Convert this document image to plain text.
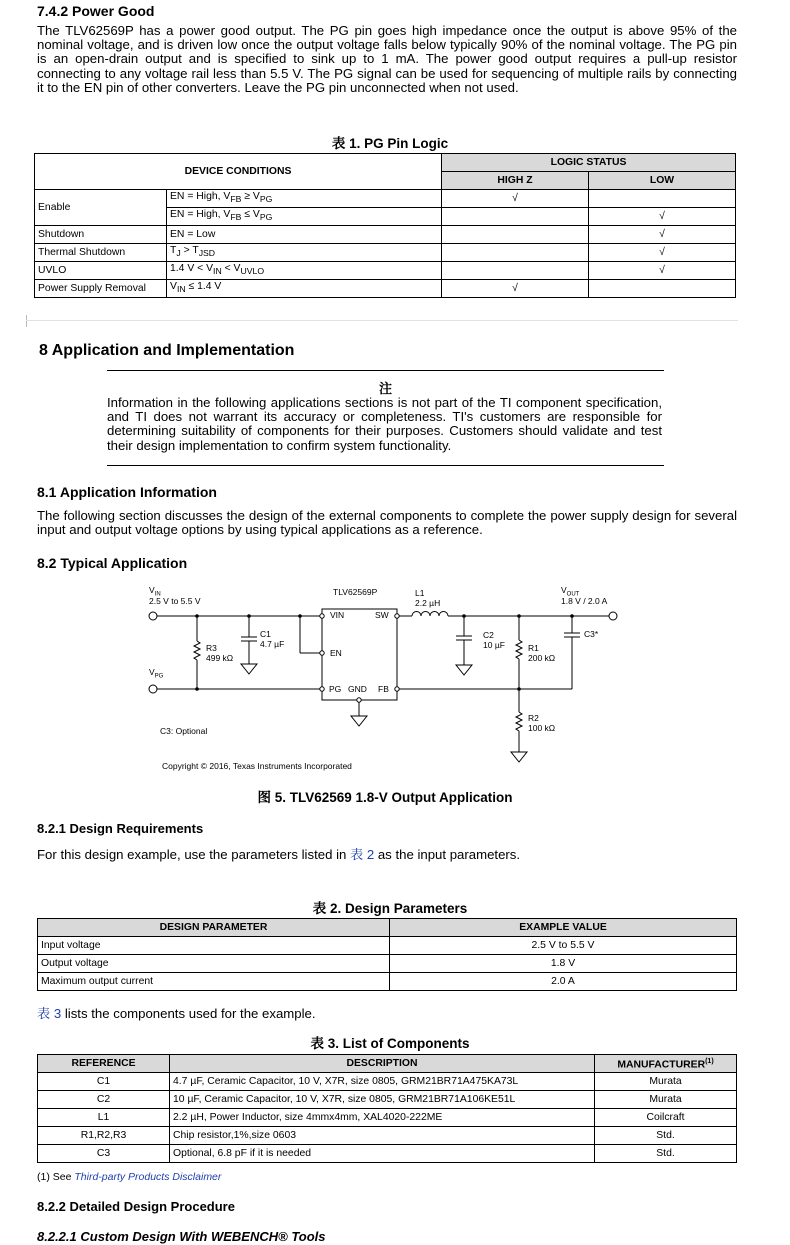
7.4.2 Power Good
The TLV62569P has a power good output. The PG pin goes high impedance once the output is above 95% of the nominal voltage, and is driven low once the output voltage falls below typically 90% of the nominal voltage. The PG pin is an open-drain output and is specified to sink up to 1 mA. The power good output requires a pull-up resistor connecting to any voltage rail less than 5.5 V. The PG signal can be used for sequencing of multiple rails by connecting it to the EN pin of other converters. Leave the PG pin unconnected when not used.
表 1. PG Pin Logic
DEVICE CONDITIONS		LOGIC STATUS	
		HIGH Z	LOW
Enable	EN = High, $V_{FB} \ge V_{PG}$	√	
	EN = High, $V_{FB} \le V_{PG}$		√
Shutdown	EN = Low		√
Thermal Shutdown	$T_J > T_{JSD}$		√
UVLO	1.4 $V < V_{IN} < V_{UVLO}$		√
Power Supply Removal	$V_{IN} \le 1.4$ V	√	
8 Application and Implementation
注
Information in the following applications sections is not part of the TI component specification, and TI does not warrant its accuracy or completeness. TI's customers are responsible for determining suitability of components for their purposes. Customers should validate and test their design implementation to confirm system functionality.
8.1 Application Information
The following section discusses the design of the external components to complete the power supply design for several input and output voltage options by using typical applications as a reference.
8.2 Typical Application
$V_{IN}$
2.5 V to 5.5 V
TLV62569P	L1
2.2 µH
$V_{OUT}$
1.8 V / 2.0 A
VIN	SW
EN
PG GND FB
C1
4.7 µF
R3
499 kΩ
C2
10 µF	R1
200 kΩ
C3*
R2
100 kΩ
$V_{PG}$
C3: Optional
Copyright © 2016, Texas Instruments Incorporated
图 5. TLV62569 1.8-V Output Application
8.2.1 Design Requirements
For this design example, use the parameters listed in 表 2 as the input parameters.
表 2. Design Parameters
DESIGN PARAMETER	EXAMPLE VALUE
Input voltage	2.5 V to 5.5 V
Output voltage	1.8 V
Maximum output current	2.0 A
表 3 lists the components used for the example.
表 3. List of Components
REFERENCE	DESCRIPTION	MANUFACTURER$^{(1)}$
C1	4.7 µF, Ceramic Capacitor, 10 V, X7R, size 0805, GRM21BR71A475KA73L	Murata
C2	10 µF, Ceramic Capacitor, 10 V, X7R, size 0805, GRM21BR71A106KE51L	Murata
L1	2.2 µH, Power Inductor, size 4mmx4mm, XAL4020-222ME	Coilcraft
R1,R2,R3	Chip resistor,1%,size 0603	Std.
C3	Optional, 6.8 pF if it is needed	Std.
(1) See Third-party Products Disclaimer
8.2.2 Detailed Design Procedure
8.2.2.1 Custom Design With WEBENCH® Tools
